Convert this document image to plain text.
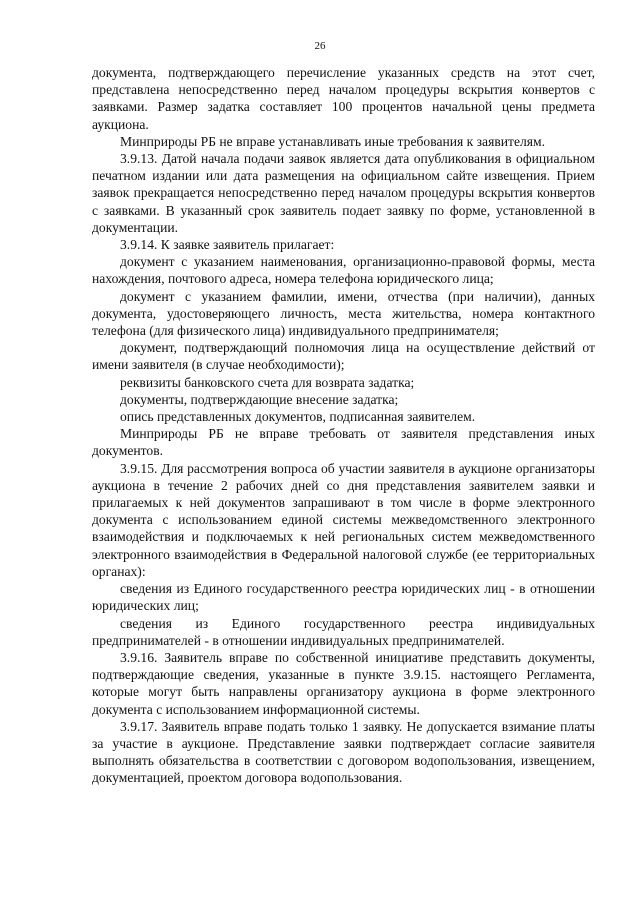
26

документа, подтверждающего перечисление указанных средств на этот счет, представлена непосредственно перед началом процедуры вскрытия конвертов с заявками. Размер задатка составляет 100 процентов начальной цены предмета аукциона.

Минприроды РБ не вправе устанавливать иные требования к заявителям.

3.9.13. Датой начала подачи заявок является дата опубликования в официальном печатном издании или дата размещения на официальном сайте извещения. Прием заявок прекращается непосредственно перед началом процедуры вскрытия конвертов с заявками. В указанный срок заявитель подает заявку по форме, установленной в документации.

3.9.14. К заявке заявитель прилагает:

документ с указанием наименования, организационно-правовой формы, места нахождения, почтового адреса, номера телефона юридического лица;

документ с указанием фамилии, имени, отчества (при наличии), данных документа, удостоверяющего личность, места жительства, номера контактного телефона (для физического лица) индивидуального предпринимателя;

документ, подтверждающий полномочия лица на осуществление действий от имени заявителя (в случае необходимости);

реквизиты банковского счета для возврата задатка;

документы, подтверждающие внесение задатка;

опись представленных документов, подписанная заявителем.

Минприроды РБ не вправе требовать от заявителя представления иных документов.

3.9.15. Для рассмотрения вопроса об участии заявителя в аукционе организаторы аукциона в течение 2 рабочих дней со дня представления заявителем заявки и прилагаемых к ней документов запрашивают в том числе в форме электронного документа с использованием единой системы межведомственного электронного взаимодействия и подключаемых к ней региональных систем межведомственного электронного взаимодействия в Федеральной налоговой службе (ее территориальных органах):

сведения из Единого государственного реестра юридических лиц - в отношении юридических лиц;

сведения из Единого государственного реестра индивидуальных предпринимателей - в отношении индивидуальных предпринимателей.

3.9.16. Заявитель вправе по собственной инициативе представить документы, подтверждающие сведения, указанные в пункте 3.9.15. настоящего Регламента, которые могут быть направлены организатору аукциона в форме электронного документа с использованием информационной системы.

3.9.17. Заявитель вправе подать только 1 заявку. Не допускается взимание платы за участие в аукционе. Представление заявки подтверждает согласие заявителя выполнять обязательства в соответствии с договором водопользования, извещением, документацией, проектом договора водопользования.
